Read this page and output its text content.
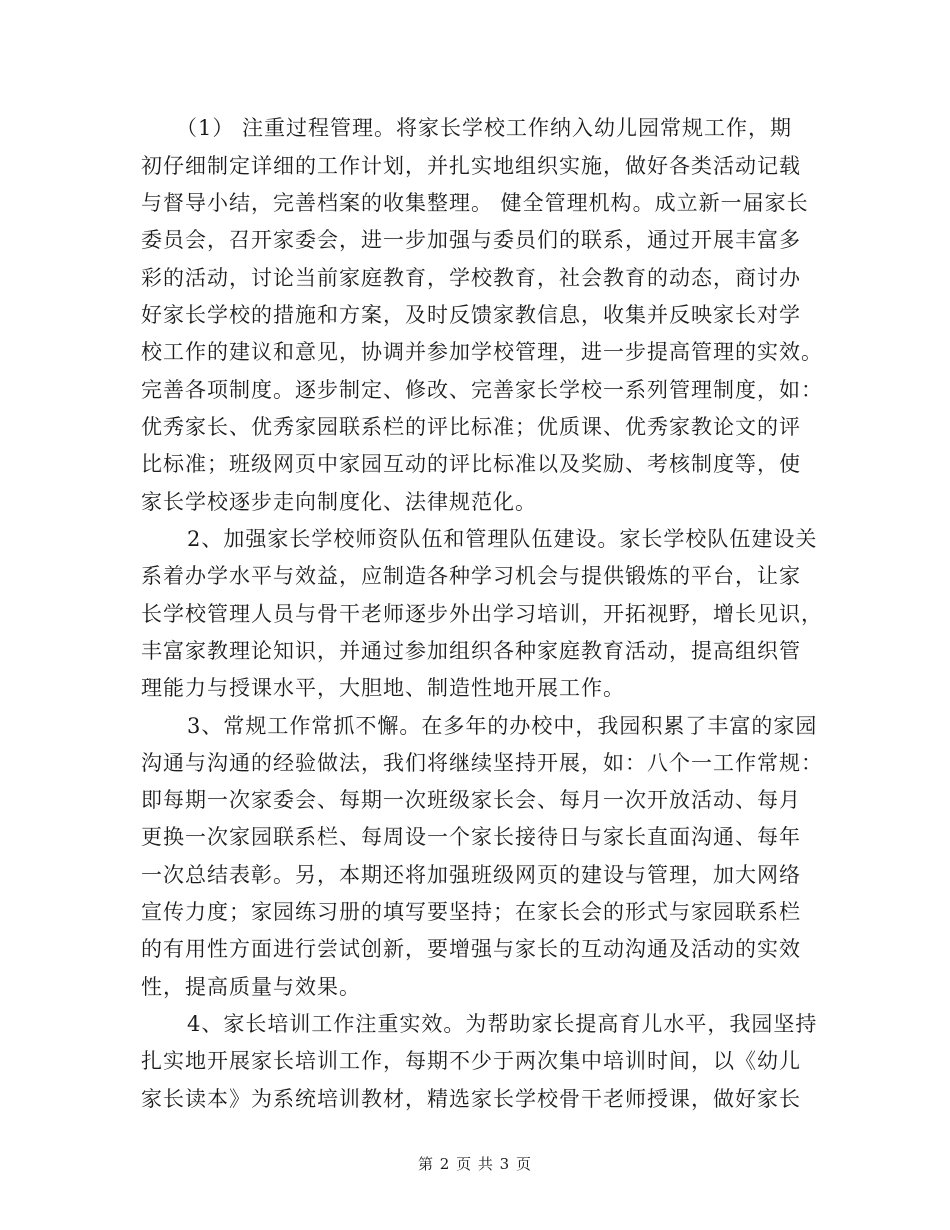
（1） 注重过程管理。将家长学校工作纳入幼儿园常规工作，期
初仔细制定详细的工作计划，并扎实地组织实施，做好各类活动记载
与督导小结，完善档案的收集整理。 健全管理机构。成立新一届家长
委员会，召开家委会，进一步加强与委员们的联系，通过开展丰富多
彩的活动，讨论当前家庭教育，学校教育，社会教育的动态，商讨办
好家长学校的措施和方案，及时反馈家教信息，收集并反映家长对学
校工作的建议和意见，协调并参加学校管理，进一步提高管理的实效。
完善各项制度。逐步制定、修改、完善家长学校一系列管理制度，如：
优秀家长、优秀家园联系栏的评比标准；优质课、优秀家教论文的评
比标准；班级网页中家园互动的评比标准以及奖励、考核制度等，使
家长学校逐步走向制度化、法律规范化。
2、加强家长学校师资队伍和管理队伍建设。家长学校队伍建设关
系着办学水平与效益，应制造各种学习机会与提供锻炼的平台，让家
长学校管理人员与骨干老师逐步外出学习培训，开拓视野，增长见识，
丰富家教理论知识，并通过参加组织各种家庭教育活动，提高组织管
理能力与授课水平，大胆地、制造性地开展工作。
3、常规工作常抓不懈。在多年的办校中，我园积累了丰富的家园
沟通与沟通的经验做法，我们将继续坚持开展，如：八个一工作常规：
即每期一次家委会、每期一次班级家长会、每月一次开放活动、每月
更换一次家园联系栏、每周设一个家长接待日与家长直面沟通、每年
一次总结表彰。另，本期还将加强班级网页的建设与管理，加大网络
宣传力度；家园练习册的填写要坚持；在家长会的形式与家园联系栏
的有用性方面进行尝试创新，要增强与家长的互动沟通及活动的实效
性，提高质量与效果。
4、家长培训工作注重实效。为帮助家长提高育儿水平，我园坚持
扎实地开展家长培训工作，每期不少于两次集中培训时间，以《幼儿
家长读本》为系统培训教材，精选家长学校骨干老师授课，做好家长
第 2 页 共 3 页
